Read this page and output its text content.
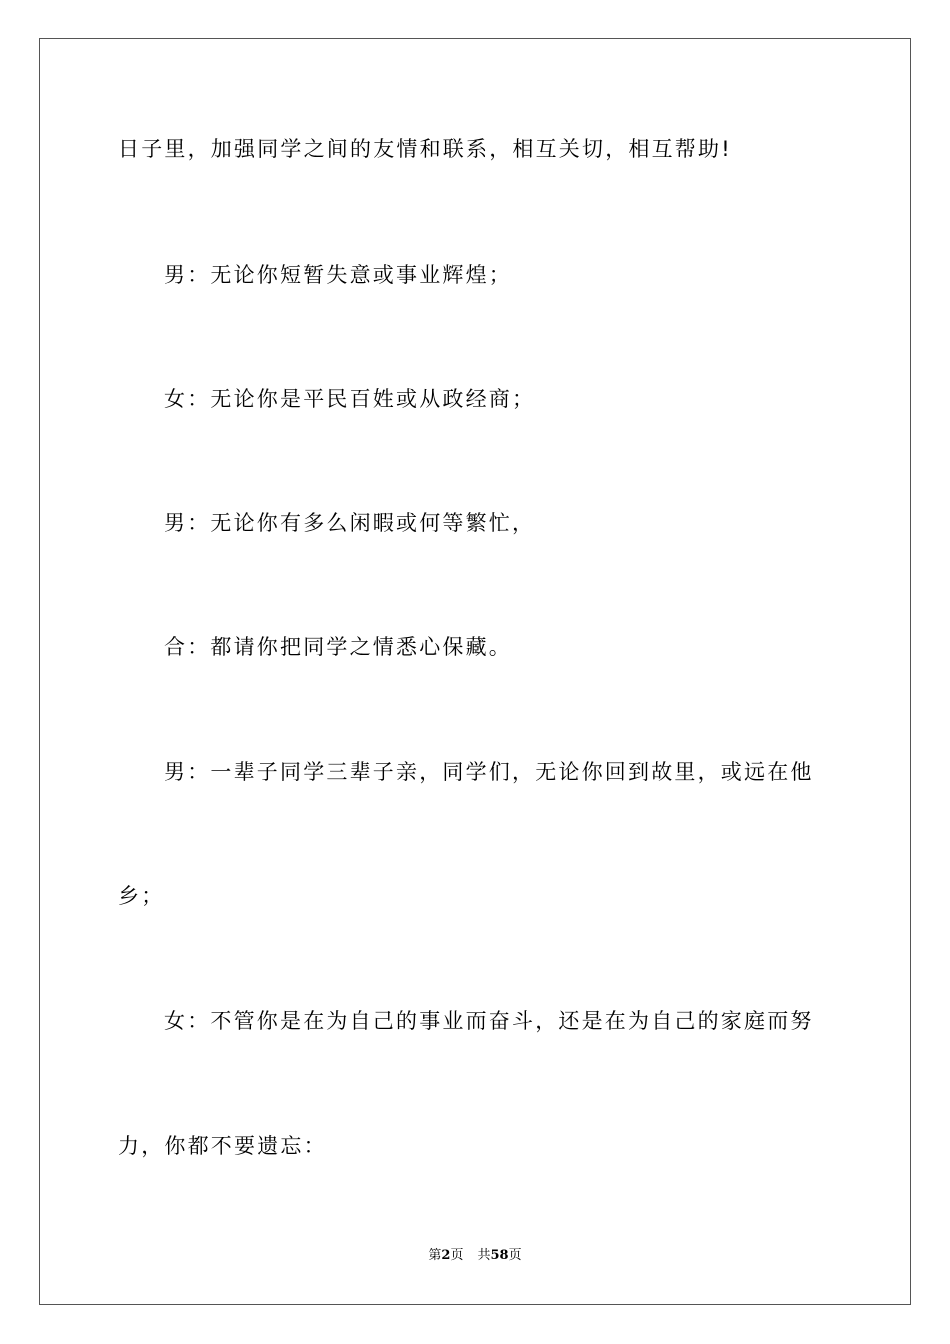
日子里，加强同学之间的友情和联系，相互关切，相互帮助!
男：无论你短暂失意或事业辉煌；
女：无论你是平民百姓或从政经商；
男：无论你有多么闲暇或何等繁忙，
合：都请你把同学之情悉心保藏。
男：一辈子同学三辈子亲，同学们，无论你回到故里，或远在他
乡；
女：不管你是在为自己的事业而奋斗，还是在为自己的家庭而努
力，你都不要遗忘：
第2页 共58页
